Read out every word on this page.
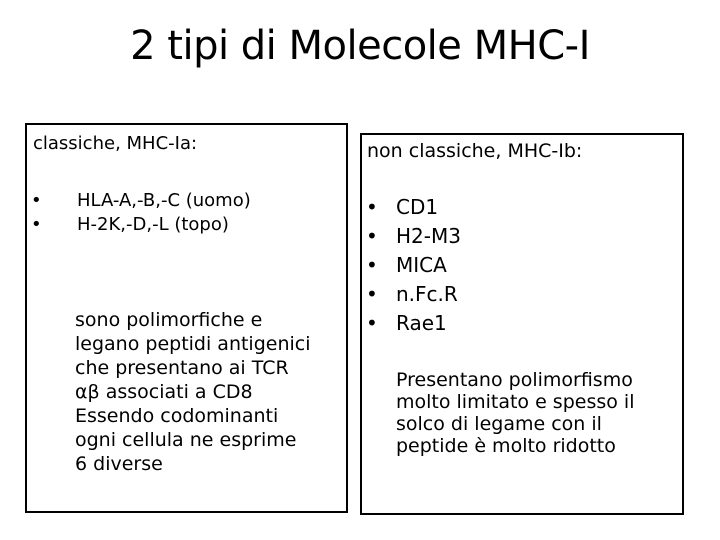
2 tipi di Molecole MHC-I
classiche, MHC-Ia:
• HLA-A,-B,-C (uomo)
• H-2K,-D,-L (topo)
sono polimorfiche e
legano peptidi antigenici
che presentano ai TCR
αβ associati a CD8
Essendo codominanti
ogni cellula ne esprime
6 diverse
non classiche, MHC-Ib:
• CD1
• H2-M3
• MICA
• n.Fc.R
• Rae1
Presentano polimorfismo
molto limitato e spesso il
solco di legame con il
peptide è molto ridotto
